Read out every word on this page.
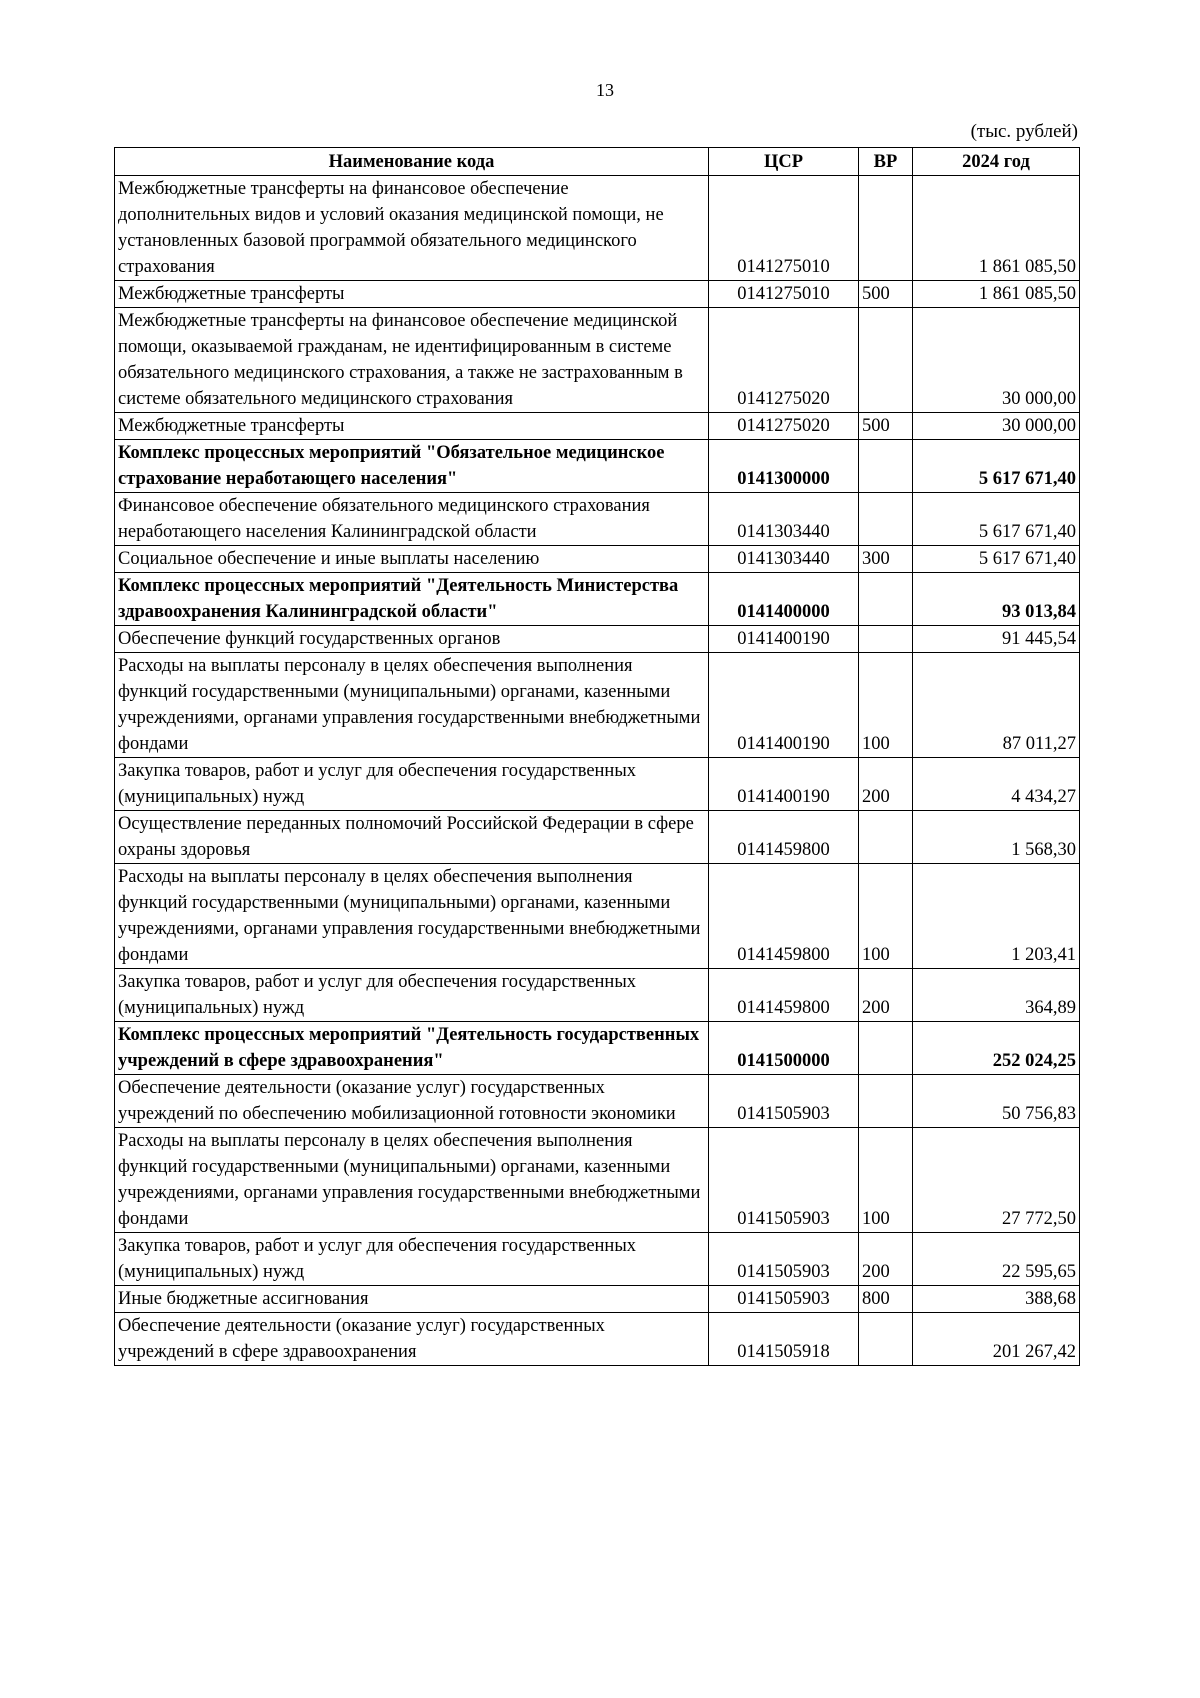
13
(тыс. рублей)
Наименование кода	ЦСР	ВР	2024 год
Межбюджетные трансферты на финансовое обеспечение дополнительных видов и условий оказания медицинской помощи, не установленных базовой программой обязательного медицинского страхования	0141275010		1 861 085,50
Межбюджетные трансферты	0141275010	500	1 861 085,50
Межбюджетные трансферты на финансовое обеспечение медицинской помощи, оказываемой гражданам, не идентифицированным в системе обязательного медицинского страхования, а также не застрахованным в системе обязательного медицинского страхования	0141275020		30 000,00
Межбюджетные трансферты	0141275020	500	30 000,00
Комплекс процессных мероприятий "Обязательное медицинское страхование неработающего населения"	0141300000		5 617 671,40
Финансовое обеспечение обязательного медицинского страхования неработающего населения Калининградской области	0141303440		5 617 671,40
Социальное обеспечение и иные выплаты населению	0141303440	300	5 617 671,40
Комплекс процессных мероприятий "Деятельность Министерства здравоохранения Калининградской области"	0141400000		93 013,84
Обеспечение функций государственных органов	0141400190		91 445,54
Расходы на выплаты персоналу в целях обеспечения выполнения функций государственными (муниципальными) органами, казенными учреждениями, органами управления государственными внебюджетными фондами	0141400190	100	87 011,27
Закупка товаров, работ и услуг для обеспечения государственных (муниципальных) нужд	0141400190	200	4 434,27
Осуществление переданных полномочий Российской Федерации в сфере охраны здоровья	0141459800		1 568,30
Расходы на выплаты персоналу в целях обеспечения выполнения функций государственными (муниципальными) органами, казенными учреждениями, органами управления государственными внебюджетными фондами	0141459800	100	1 203,41
Закупка товаров, работ и услуг для обеспечения государственных (муниципальных) нужд	0141459800	200	364,89
Комплекс процессных мероприятий "Деятельность государственных учреждений в сфере здравоохранения"	0141500000		252 024,25
Обеспечение деятельности (оказание услуг) государственных учреждений по обеспечению мобилизационной готовности экономики	0141505903		50 756,83
Расходы на выплаты персоналу в целях обеспечения выполнения функций государственными (муниципальными) органами, казенными учреждениями, органами управления государственными внебюджетными фондами	0141505903	100	27 772,50
Закупка товаров, работ и услуг для обеспечения государственных (муниципальных) нужд	0141505903	200	22 595,65
Иные бюджетные ассигнования	0141505903	800	388,68
Обеспечение деятельности (оказание услуг) государственных учреждений в сфере здравоохранения	0141505918		201 267,42
